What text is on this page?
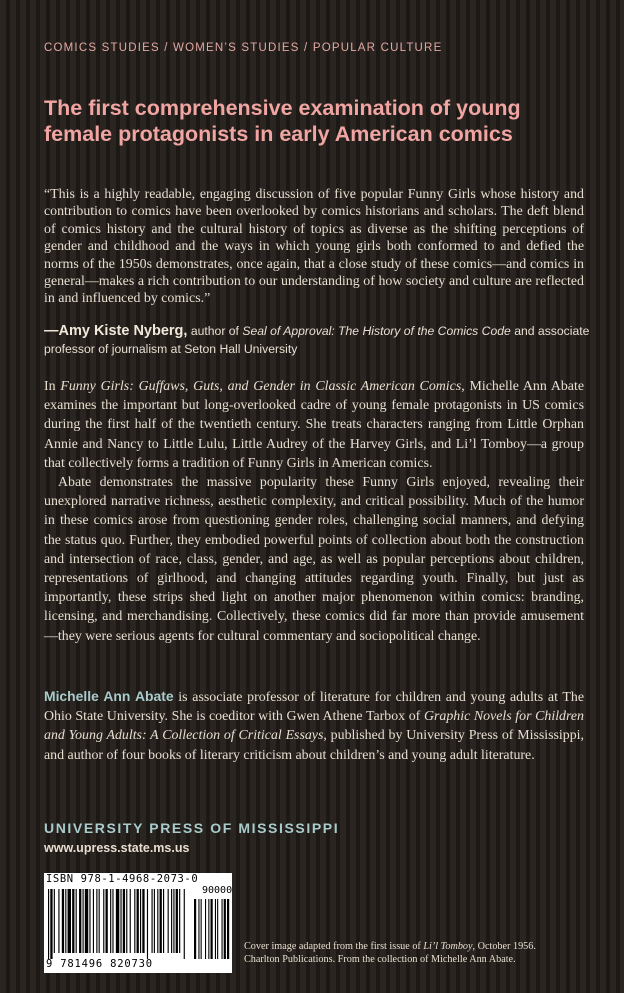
COMICS STUDIES / WOMEN’S STUDIES / POPULAR CULTURE
The first comprehensive examination of young
female protagonists in early American comics
“This is a highly readable, engaging discussion of five popular Funny Girls whose history and contribution to comics have been overlooked by comics historians and scholars. The deft blend of comics history and the cultural history of topics as diverse as the shifting perceptions of gender and childhood and the ways in which young girls both conformed to and defied the norms of the 1950s demonstrates, once again, that a close study of these comics—and comics in general—makes a rich contribution to our understanding of how society and culture are reflected in and influenced by comics.”
—Amy Kiste Nyberg, author of Seal of Approval: The History of the Comics Code and associate professor of journalism at Seton Hall University

In Funny Girls: Guffaws, Guts, and Gender in Classic American Comics, Michelle Ann Abate examines the important but long-overlooked cadre of young female protagonists in US comics during the first half of the twentieth century. She treats characters ranging from Little Orphan Annie and Nancy to Little Lulu, Little Audrey of the Harvey Girls, and Li’l Tomboy—a group that collectively forms a tradition of Funny Girls in American comics.

Abate demonstrates the massive popularity these Funny Girls enjoyed, revealing their unexplored narrative richness, aesthetic complexity, and critical possibility. Much of the humor in these comics arose from questioning gender roles, challenging social manners, and defying the status quo. Further, they embodied powerful points of collection about both the construction and intersection of race, class, gender, and age, as well as popular perceptions about children, representations of girlhood, and changing attitudes regarding youth. Finally, but just as importantly, these strips shed light on another major phenomenon within comics: branding, licensing, and merchandising. Collectively, these comics did far more than provide amusement—they were serious agents for cultural commentary and sociopolitical change.

Michelle Ann Abate is associate professor of literature for children and young adults at The Ohio State University. She is coeditor with Gwen Athene Tarbox of Graphic Novels for Children and Young Adults: A Collection of Critical Essays, published by University Press of Mississippi, and author of four books of literary criticism about children’s and young adult literature.
UNIVERSITY PRESS OF MISSISSIPPI
www.upress.state.ms.us
ISBN 978-1-4968-2073-0
90000
9 781496 820730
Cover image adapted from the first issue of Li’l Tomboy, October 1956. Charlton Publications. From the collection of Michelle Ann Abate.
